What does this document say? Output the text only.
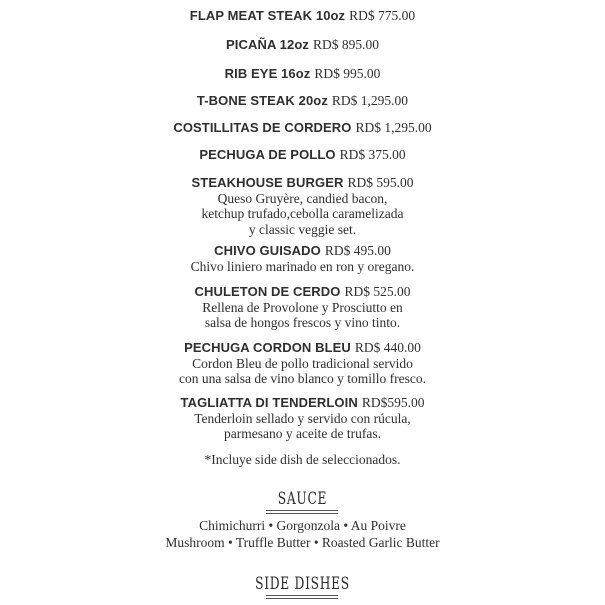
FLAP MEAT STEAK 10oz RD$ 775.00
PICAÑA 12oz RD$ 895.00
RIB EYE 16oz RD$ 995.00
T-BONE STEAK 20oz RD$ 1,295.00
COSTILLITAS DE CORDERO RD$ 1,295.00
PECHUGA DE POLLO RD$ 375.00
STEAKHOUSE BURGER RD$ 595.00
Queso Gruyère, candied bacon,
ketchup trufado,cebolla caramelizada
y classic veggie set.
CHIVO GUISADO RD$ 495.00
Chivo liniero marinado en ron y oregano.
CHULETON DE CERDO RD$ 525.00
Rellena de Provolone y Prosciutto en
salsa de hongos frescos y vino tinto.
PECHUGA CORDON BLEU RD$ 440.00
Cordon Bleu de pollo tradicional servido
con una salsa de vino blanco y tomillo fresco.
TAGLIATTA DI TENDERLOIN RD$595.00
Tenderloin sellado y servido con rúcula,
parmesano y aceite de trufas.
*Incluye side dish de seleccionados.
SAUCE
Chimichurri • Gorgonzola • Au Poivre
Mushroom • Truffle Butter • Roasted Garlic Butter
SIDE DISHES
